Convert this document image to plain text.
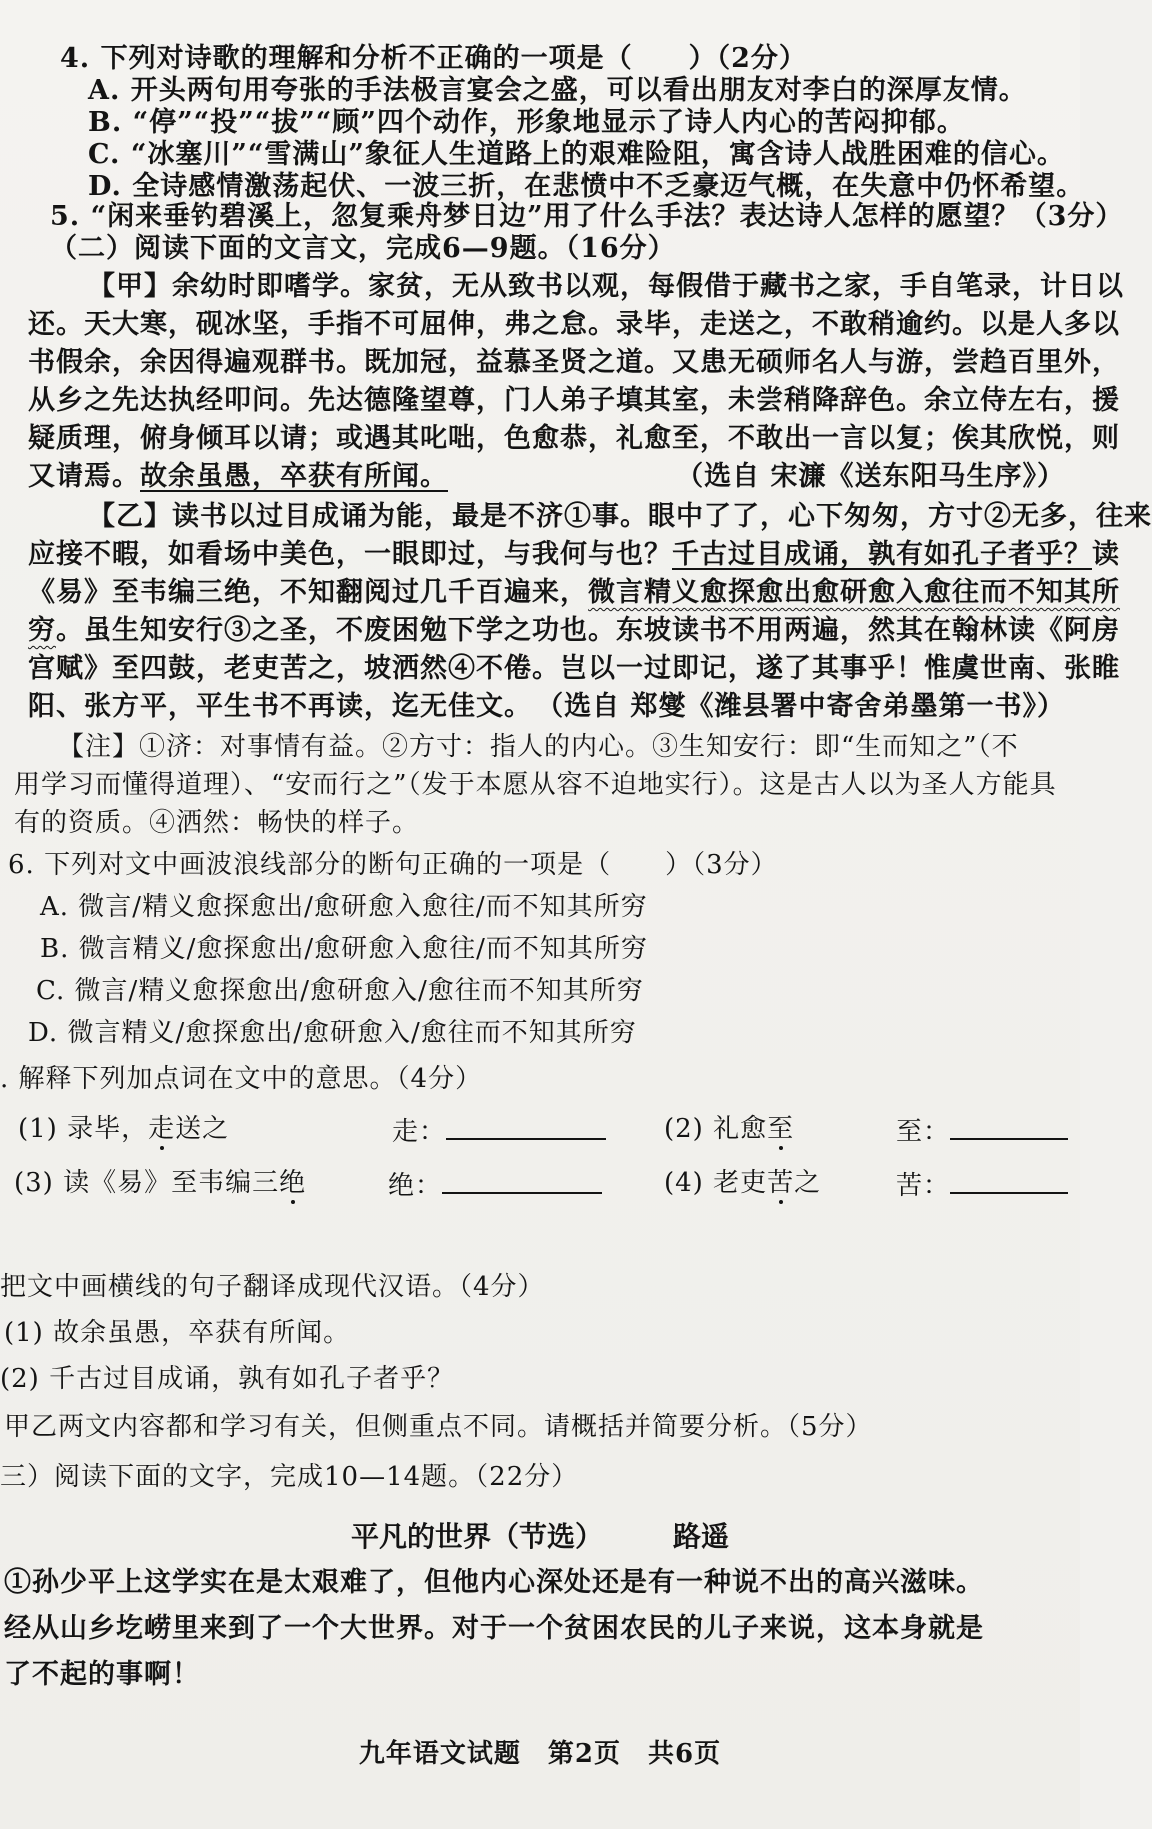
4. 下列对诗歌的理解和分析不正确的一项是（　　）（2分）
A. 开头两句用夸张的手法极言宴会之盛，可以看出朋友对李白的深厚友情。
B. “停”“投”“拔”“顾”四个动作，形象地显示了诗人内心的苦闷抑郁。
C. “冰塞川”“雪满山”象征人生道路上的艰难险阻，寓含诗人战胜困难的信心。
D. 全诗感情激荡起伏、一波三折，在悲愤中不乏豪迈气概，在失意中仍怀希望。
5. “闲来垂钓碧溪上，忽复乘舟梦日边”用了什么手法？表达诗人怎样的愿望？（3分）
（二）阅读下面的文言文，完成6—9题。（16分）
【甲】余幼时即嗜学。家贫，无从致书以观，每假借于藏书之家，手自笔录，计日以
还。天大寒，砚冰坚，手指不可屈伸，弗之怠。录毕，走送之，不敢稍逾约。以是人多以
书假余，余因得遍观群书。既加冠，益慕圣贤之道。又患无硕师名人与游，尝趋百里外，
从乡之先达执经叩问。先达德隆望尊，门人弟子填其室，未尝稍降辞色。余立侍左右，援
疑质理，俯身倾耳以请；或遇其叱咄，色愈恭，礼愈至，不敢出一言以复；俟其欣悦，则
又请焉。故余虽愚，卒获有所闻。	（选自 宋濂《送东阳马生序》）
【乙】读书以过目成诵为能，最是不济①事。眼中了了，心下匆匆，方寸②无多，往来
应接不暇，如看场中美色，一眼即过，与我何与也？千古过目成诵，孰有如孔子者乎？读
《易》至韦编三绝，不知翻阅过几千百遍来，微言精义愈探愈出愈研愈入愈往而不知其所
穷。虽生知安行③之圣，不废困勉下学之功也。东坡读书不用两遍，然其在翰林读《阿房
宫赋》至四鼓，老吏苦之，坡洒然④不倦。岂以一过即记，遂了其事乎！惟虞世南、张睢
阳、张方平，平生书不再读，迄无佳文。 （选自 郑燮《潍县署中寄舍弟墨第一书》）
【注】①济：对事情有益。②方寸：指人的内心。③生知安行：即“生而知之”（不
用学习而懂得道理）、“安而行之”（发于本愿从容不迫地实行）。这是古人以为圣人方能具
有的资质。④洒然：畅快的样子。
6. 下列对文中画波浪线部分的断句正确的一项是（　　）（3分）
A. 微言/精义愈探愈出/愈研愈入愈往/而不知其所穷
B. 微言精义/愈探愈出/愈研愈入愈往/而不知其所穷
C. 微言/精义愈探愈出/愈研愈入/愈往而不知其所穷
D. 微言精义/愈探愈出/愈研愈入/愈往而不知其所穷
. 解释下列加点词在文中的意思。（4分）
(1) 录毕，走送之	走：	(2) 礼愈至	至：
(3) 读《易》至韦编三绝	绝：	(4) 老吏苦之	苦：
把文中画横线的句子翻译成现代汉语。（4分）
(1) 故余虽愚，卒获有所闻。
(2) 千古过目成诵，孰有如孔子者乎？
甲乙两文内容都和学习有关，但侧重点不同。请概括并简要分析。（5分）
三）阅读下面的文字，完成10—14题。（22分）
平凡的世界（节选）	路遥
①孙少平上这学实在是太艰难了，但他内心深处还是有一种说不出的高兴滋味。
经从山乡圪崂里来到了一个大世界。对于一个贫困农民的儿子来说，这本身就是
了不起的事啊！
九年语文试题　第2页　共6页
